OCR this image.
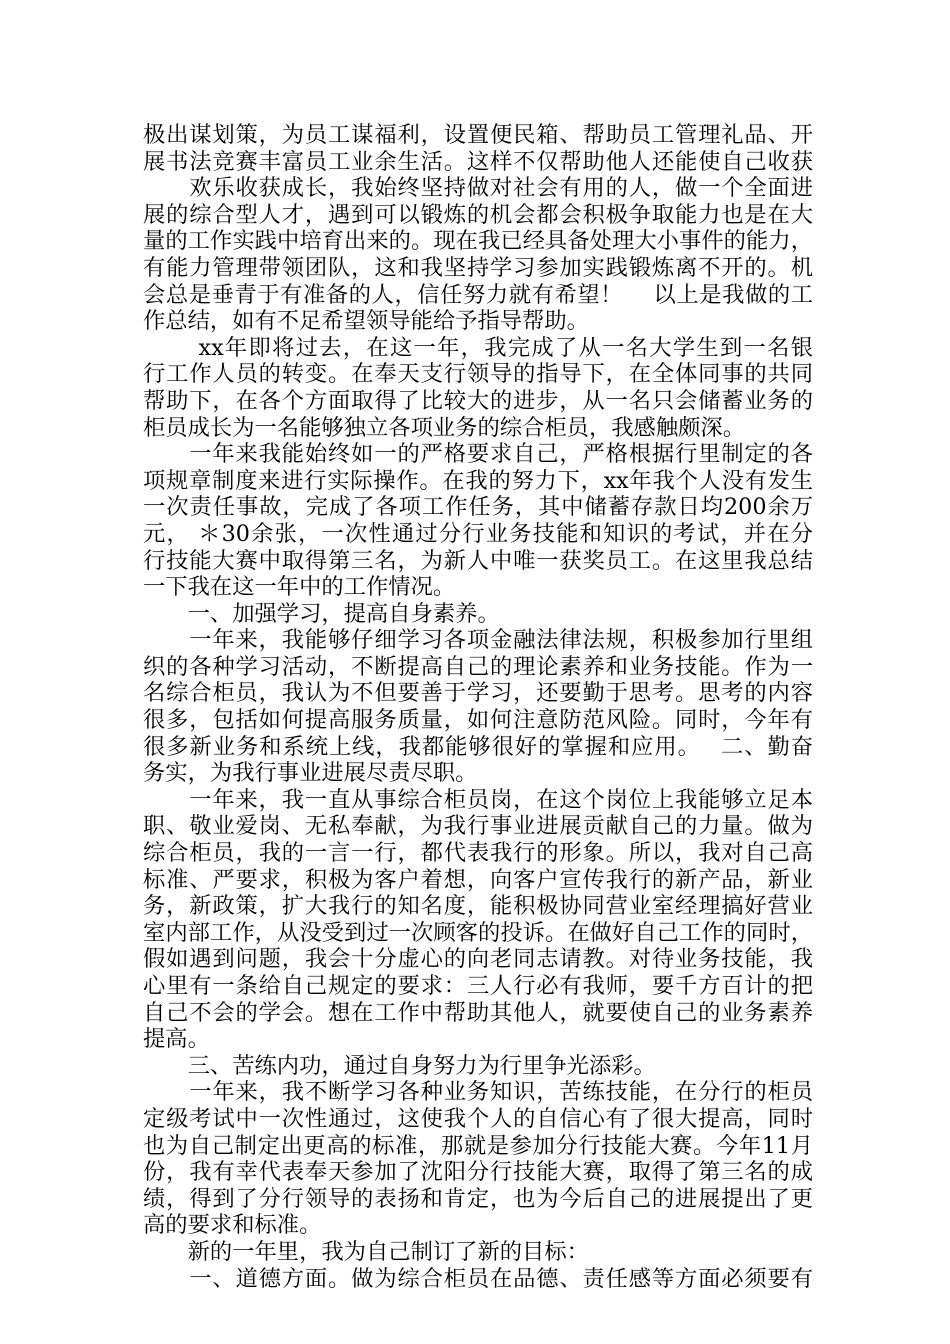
极出谋划策，为员工谋福利，设置便民箱、帮助员工管理礼品、开
展书法竞赛丰富员工业余生活。这样不仅帮助他人还能使自己收获
　　欢乐收获成长，我始终坚持做对社会有用的人，做一个全面进
展的综合型人才，遇到可以锻炼的机会都会积极争取能力也是在大
量的工作实践中培育出来的。现在我已经具备处理大小事件的能力，
有能力管理带领团队，这和我坚持学习参加实践锻炼离不开的。机
会总是垂青于有准备的人，信任努力就有希望！　 以上是我做的工
作总结，如有不足希望领导能给予指导帮助。
　　 xx年即将过去，在这一年，我完成了从一名大学生到一名银
行工作人员的转变。在奉天支行领导的指导下，在全体同事的共同
帮助下，在各个方面取得了比较大的进步，从一名只会储蓄业务的
柜员成长为一名能够独立各项业务的综合柜员，我感触颇深。
　　一年来我能始终如一的严格要求自己，严格根据行里制定的各
项规章制度来进行实际操作。在我的努力下，xx年我个人没有发生
一次责任事故，完成了各项工作任务，其中储蓄存款日均200余万
元， ＊30余张，一次性通过分行业务技能和知识的考试，并在分
行技能大赛中取得第三名，为新人中唯一获奖员工。在这里我总结
一下我在这一年中的工作情况。
　　一、加强学习，提高自身素养。
　　一年来，我能够仔细学习各项金融法律法规，积极参加行里组
织的各种学习活动，不断提高自己的理论素养和业务技能。作为一
名综合柜员，我认为不但要善于学习，还要勤于思考。思考的内容
很多，包括如何提高服务质量，如何注意防范风险。同时，今年有
很多新业务和系统上线，我都能够很好的掌握和应用。　 二、勤奋
务实，为我行事业进展尽责尽职。
　　一年来，我一直从事综合柜员岗，在这个岗位上我能够立足本
职、敬业爱岗、无私奉献，为我行事业进展贡献自己的力量。做为
综合柜员，我的一言一行，都代表我行的形象。所以，我对自己高
标准、严要求，积极为客户着想，向客户宣传我行的新产品，新业
务，新政策，扩大我行的知名度，能积极协同营业室经理搞好营业
室内部工作，从没受到过一次顾客的投诉。在做好自己工作的同时，
假如遇到问题，我会十分虚心的向老同志请教。对待业务技能，我
心里有一条给自己规定的要求：三人行必有我师，要千方百计的把
自己不会的学会。想在工作中帮助其他人，就要使自己的业务素养
提高。
　　三、苦练内功，通过自身努力为行里争光添彩。
　　一年来，我不断学习各种业务知识，苦练技能，在分行的柜员
定级考试中一次性通过，这使我个人的自信心有了很大提高，同时
也为自己制定出更高的标准，那就是参加分行技能大赛。今年11月
份，我有幸代表奉天参加了沈阳分行技能大赛，取得了第三名的成
绩，得到了分行领导的表扬和肯定，也为今后自己的进展提出了更
高的要求和标准。
　　新的一年里，我为自己制订了新的目标：
　　一、道德方面。做为综合柜员在品德、责任感等方面必须要有
